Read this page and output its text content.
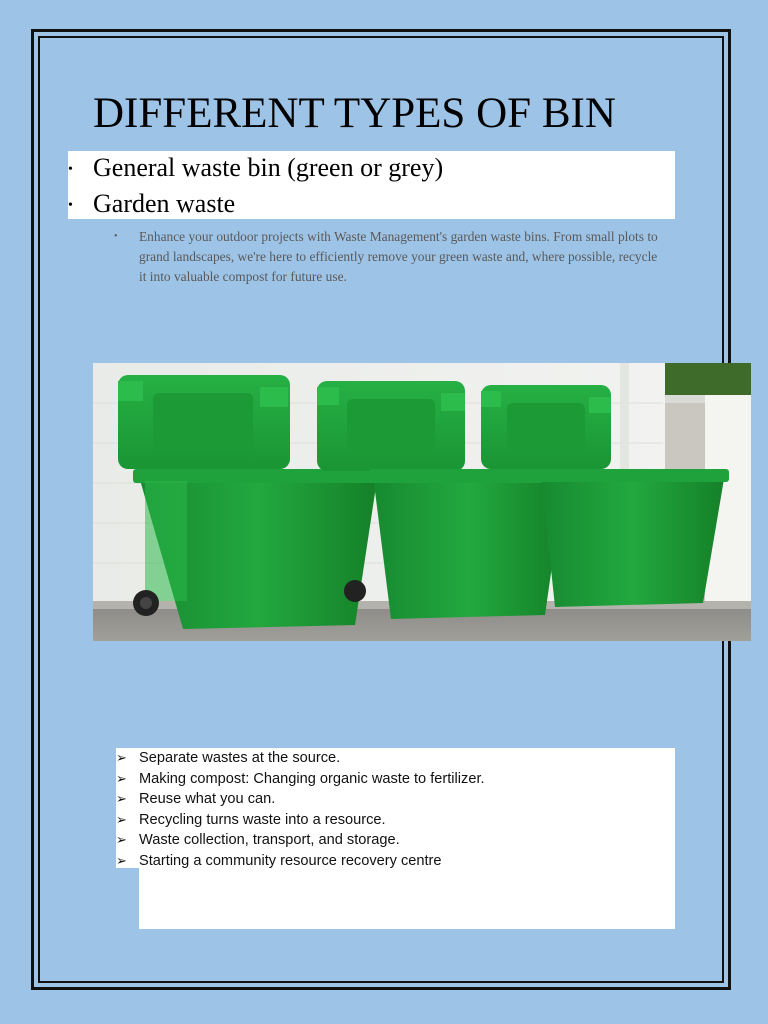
DIFFERENT TYPES OF BIN
• General waste bin (green or grey)
• Garden waste
• Enhance your outdoor projects with Waste Management's garden waste bins. From small plots to grand landscapes, we're here to efficiently remove your green waste and, where possible, recycle it into valuable compost for future use.
➢ Separate wastes at the source.
➢ Making compost: Changing organic waste to fertilizer.
➢ Reuse what you can.
➢ Recycling turns waste into a resource.
➢ Waste collection, transport, and storage.
➢ Starting a community resource recovery centre
